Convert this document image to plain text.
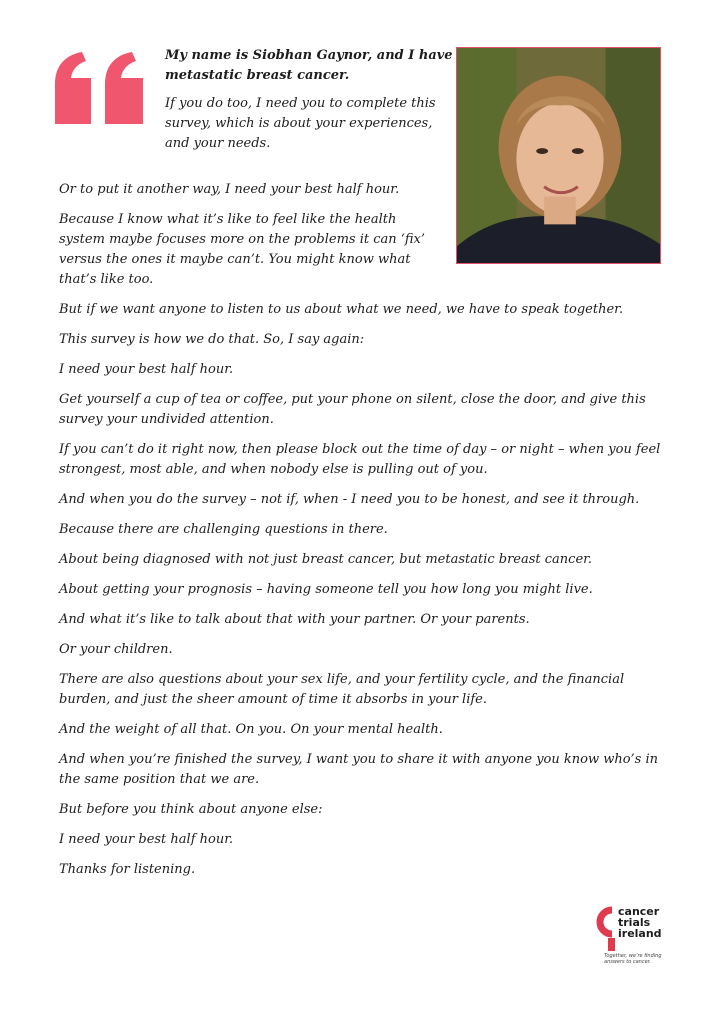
My name is Siobhan Gaynor, and I have metastatic breast cancer.

If you do too, I need you to complete this survey, which is about your experiences, and your needs.

Or to put it another way, I need your best half hour.

Because I know what it’s like to feel like the health system maybe focuses more on the problems it can ‘fix’ versus the ones it maybe can’t. You might know what that’s like too.

But if we want anyone to listen to us about what we need, we have to speak together.

This survey is how we do that. So, I say again:

I need your best half hour.

Get yourself a cup of tea or coffee, put your phone on silent, close the door, and give this survey your undivided attention.

If you can’t do it right now, then please block out the time of day – or night – when you feel strongest, most able, and when nobody else is pulling out of you.

And when you do the survey – not if, when - I need you to be honest, and see it through.

Because there are challenging questions in there.

About being diagnosed with not just breast cancer, but metastatic breast cancer.

About getting your prognosis – having someone tell you how long you might live.

And what it’s like to talk about that with your partner. Or your parents.

Or your children.

There are also questions about your sex life, and your fertility cycle, and the financial burden, and just the sheer amount of time it absorbs in your life.

And the weight of all that. On you. On your mental health.

And when you’re finished the survey, I want you to share it with anyone you know who’s in the same position that we are.

But before you think about anyone else:

I need your best half hour.

Thanks for listening.

cancer
trials
ireland
Together, we’re finding answers to cancer.
